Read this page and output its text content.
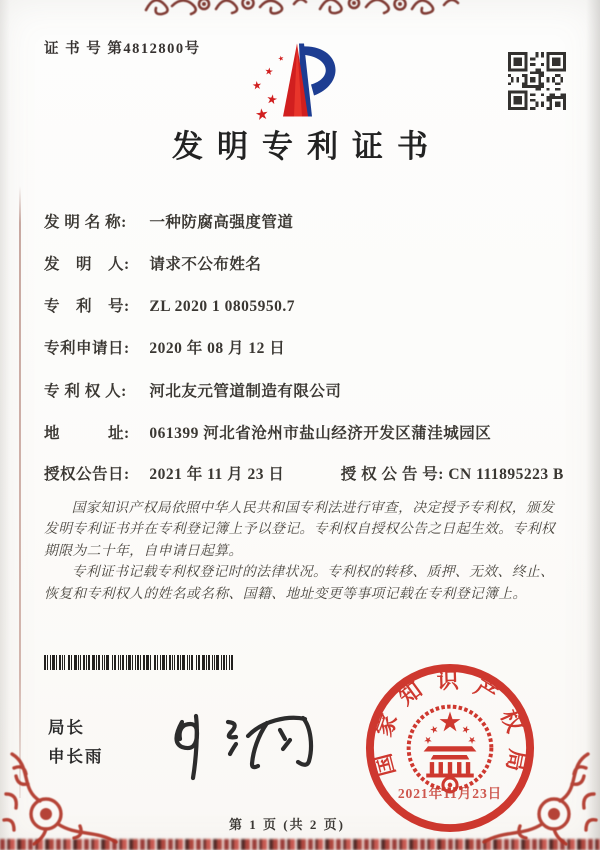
证 书 号 第4812800号
发明专利证书
发 明 名 称: 一种防腐高强度管道
发　明　人: 请求不公布姓名
专　利　号: ZL 2020 1 0805950.7
专利申请日: 2020 年 08 月 12 日
专 利 权 人: 河北友元管道制造有限公司
地　　　址: 061399 河北省沧州市盐山经济开发区蒲洼城园区
授权公告日: 2021 年 11 月 23 日	授 权 公 告 号: CN 111895223 B

国家知识产权局依照中华人民共和国专利法进行审查，决定授予专利权，颁发发明专利证书并在专利登记簿上予以登记。专利权自授权公告之日起生效。专利权期限为二十年，自申请日起算。

专利证书记载专利权登记时的法律状况。专利权的转移、质押、无效、终止、恢复和专利权人的姓名或名称、国籍、地址变更等事项记载在专利登记簿上。

局长
申长雨	国家知识产权局
2021年11月23日
第 1 页 (共 2 页)
